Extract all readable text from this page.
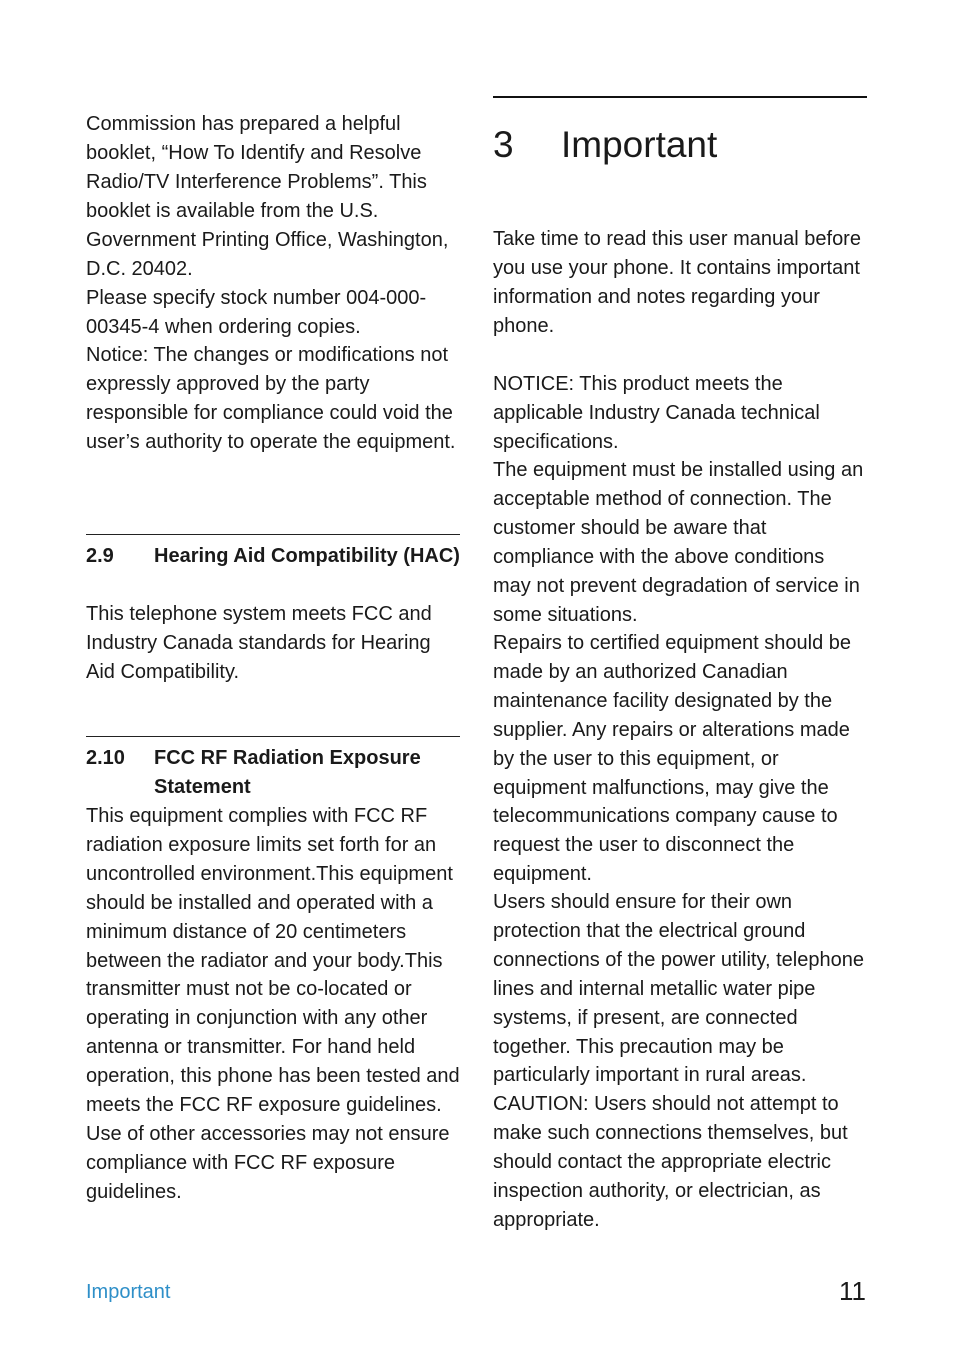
Commission has prepared a helpful booklet, “How To Identify and Resolve Radio/TV Interference Problems”. This booklet is available from the U.S. Government Printing Office, Washington, D.C. 20402.

Please specify stock number 004-000-00345-4 when ordering copies.

Notice: The changes or modifications not expressly approved by the party responsible for compliance could void the user’s authority to operate the equipment.

2.9	Hearing Aid Compatibility (HAC)

This telephone system meets FCC and Industry Canada standards for Hearing Aid Compatibility.

2.10	FCC RF Radiation Exposure Statement

This equipment complies with FCC RF radiation exposure limits set forth for an uncontrolled environment.This equipment should be installed and operated with a minimum distance of 20 centimeters between the radiator and your body.This transmitter must not be co-located or operating in conjunction with any other antenna or transmitter. For hand held operation, this phone has been tested and meets the FCC RF exposure guidelines. Use of other accessories may not ensure compliance with FCC RF exposure guidelines.

3	Important

Take time to read this user manual before you use your phone. It contains important information and notes regarding your phone.

NOTICE: This product meets the applicable Industry Canada technical specifications.

The equipment must be installed using an acceptable method of connection. The customer should be aware that compliance with the above conditions may not prevent degradation of service in some situations.

Repairs to certified equipment should be made by an authorized Canadian maintenance facility designated by the supplier. Any repairs or alterations made by the user to this equipment, or equipment malfunctions, may give the telecommunications company cause to request the user to disconnect the equipment.

Users should ensure for their own protection that the electrical ground connections of the power utility, telephone lines and internal metallic water pipe systems, if present, are connected together. This precaution may be particularly important in rural areas.

CAUTION: Users should not attempt to make such connections themselves, but should contact the appropriate electric inspection authority, or electrician, as appropriate.

Important	11
